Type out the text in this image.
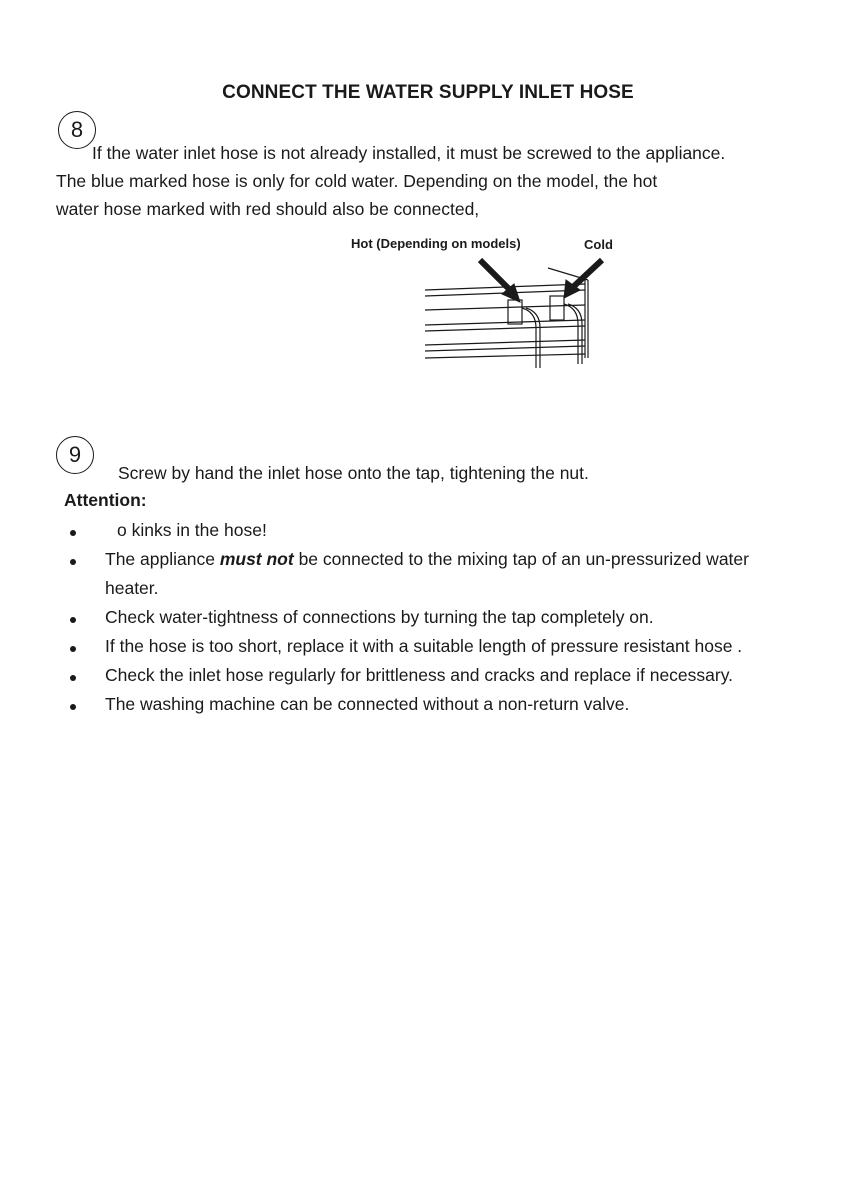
CONNECT THE WATER SUPPLY INLET HOSE
8
If the water inlet hose is not already installed, it must be screwed to the appliance.
The blue marked hose is only for cold water. Depending on the model, the hot
water hose marked with red should also be connected,
Hot (Depending on models)	Cold
9
Screw by hand the inlet hose onto the tap, tightening the nut.
Attention:
o kinks in the hose!
The appliance must not be connected to the mixing tap of an un-pressurized water heater.
Check water-tightness of connections by turning the tap completely on.
If the hose is too short, replace it with a suitable length of pressure resistant hose .
Check the inlet hose regularly for brittleness and cracks and replace if necessary.
The washing machine can be connected without a non-return valve.
